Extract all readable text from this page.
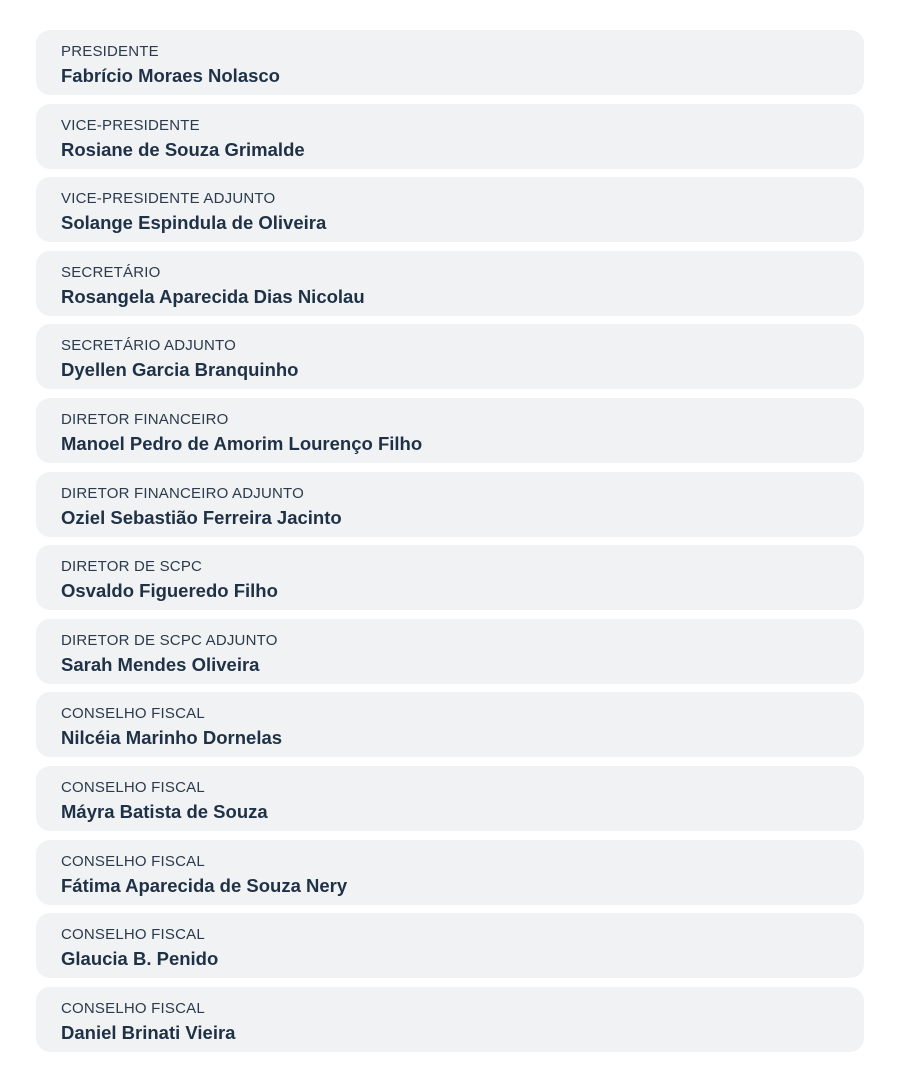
PRESIDENTE
Fabrício Moraes Nolasco
VICE-PRESIDENTE
Rosiane de Souza Grimalde
VICE-PRESIDENTE ADJUNTO
Solange Espindula de Oliveira
SECRETÁRIO
Rosangela Aparecida Dias Nicolau
SECRETÁRIO ADJUNTO
Dyellen Garcia Branquinho
DIRETOR FINANCEIRO
Manoel Pedro de Amorim Lourenço Filho
DIRETOR FINANCEIRO ADJUNTO
Oziel Sebastião Ferreira Jacinto
DIRETOR DE SCPC
Osvaldo Figueredo Filho
DIRETOR DE SCPC ADJUNTO
Sarah Mendes Oliveira
CONSELHO FISCAL
Nilcéia Marinho Dornelas
CONSELHO FISCAL
Máyra Batista de Souza
CONSELHO FISCAL
Fátima Aparecida de Souza Nery
CONSELHO FISCAL
Glaucia B. Penido
CONSELHO FISCAL
Daniel Brinati Vieira
